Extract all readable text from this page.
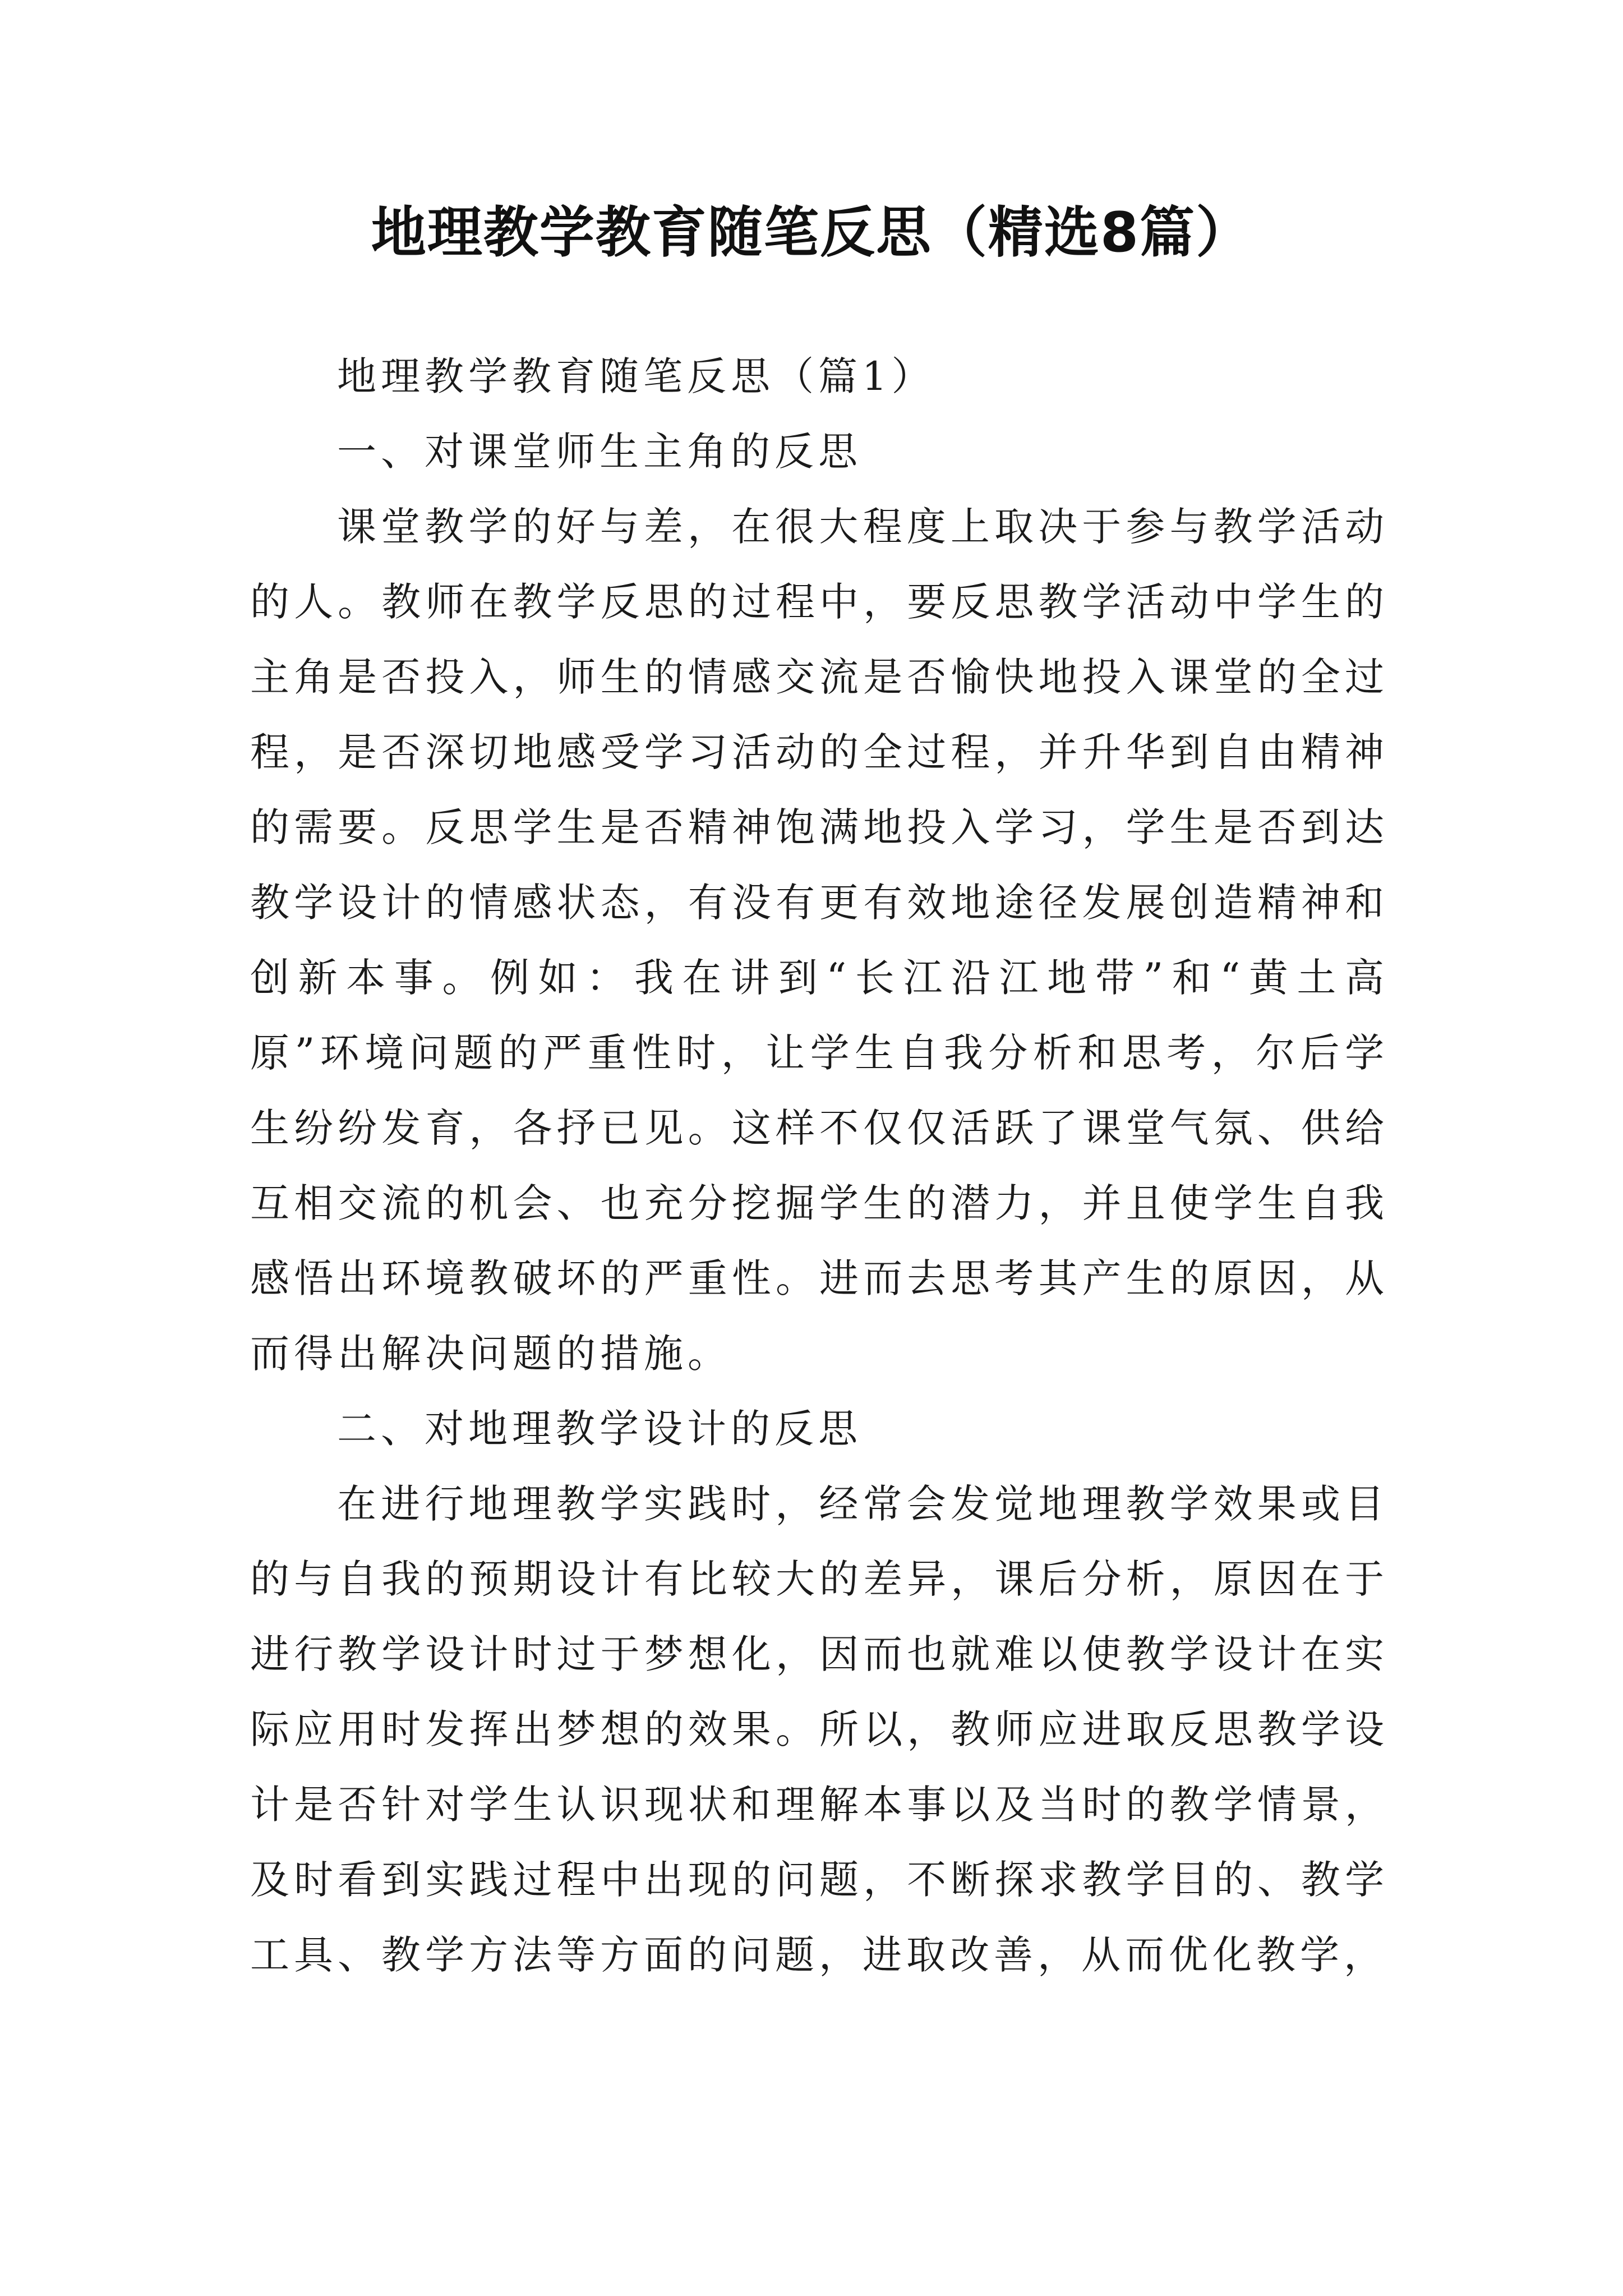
地理教学教育随笔反思（精选8篇）

地理教学教育随笔反思（篇1）

一、对课堂师生主角的反思

课堂教学的好与差，在很大程度上取决于参与教学活动的人。教师在教学反思的过程中，要反思教学活动中学生的主角是否投入，师生的情感交流是否愉快地投入课堂的全过程，是否深切地感受学习活动的全过程，并升华到自由精神的需要。反思学生是否精神饱满地投入学习，学生是否到达教学设计的情感状态，有没有更有效地途径发展创造精神和创新本事。例如：我在讲到“长江沿江地带”和“黄土高原”环境问题的严重性时，让学生自我分析和思考，尔后学生纷纷发育，各抒已见。这样不仅仅活跃了课堂气氛、供给互相交流的机会、也充分挖掘学生的潜力，并且使学生自我感悟出环境教破坏的严重性。进而去思考其产生的原因，从而得出解决问题的措施。

二、对地理教学设计的反思

在进行地理教学实践时，经常会发觉地理教学效果或目的与自我的预期设计有比较大的差异，课后分析，原因在于进行教学设计时过于梦想化，因而也就难以使教学设计在实际应用时发挥出梦想的效果。所以，教师应进取反思教学设计是否针对学生认识现状和理解本事以及当时的教学情景，及时看到实践过程中出现的问题，不断探求教学目的、教学工具、教学方法等方面的问题，进取改善，从而优化教学，
